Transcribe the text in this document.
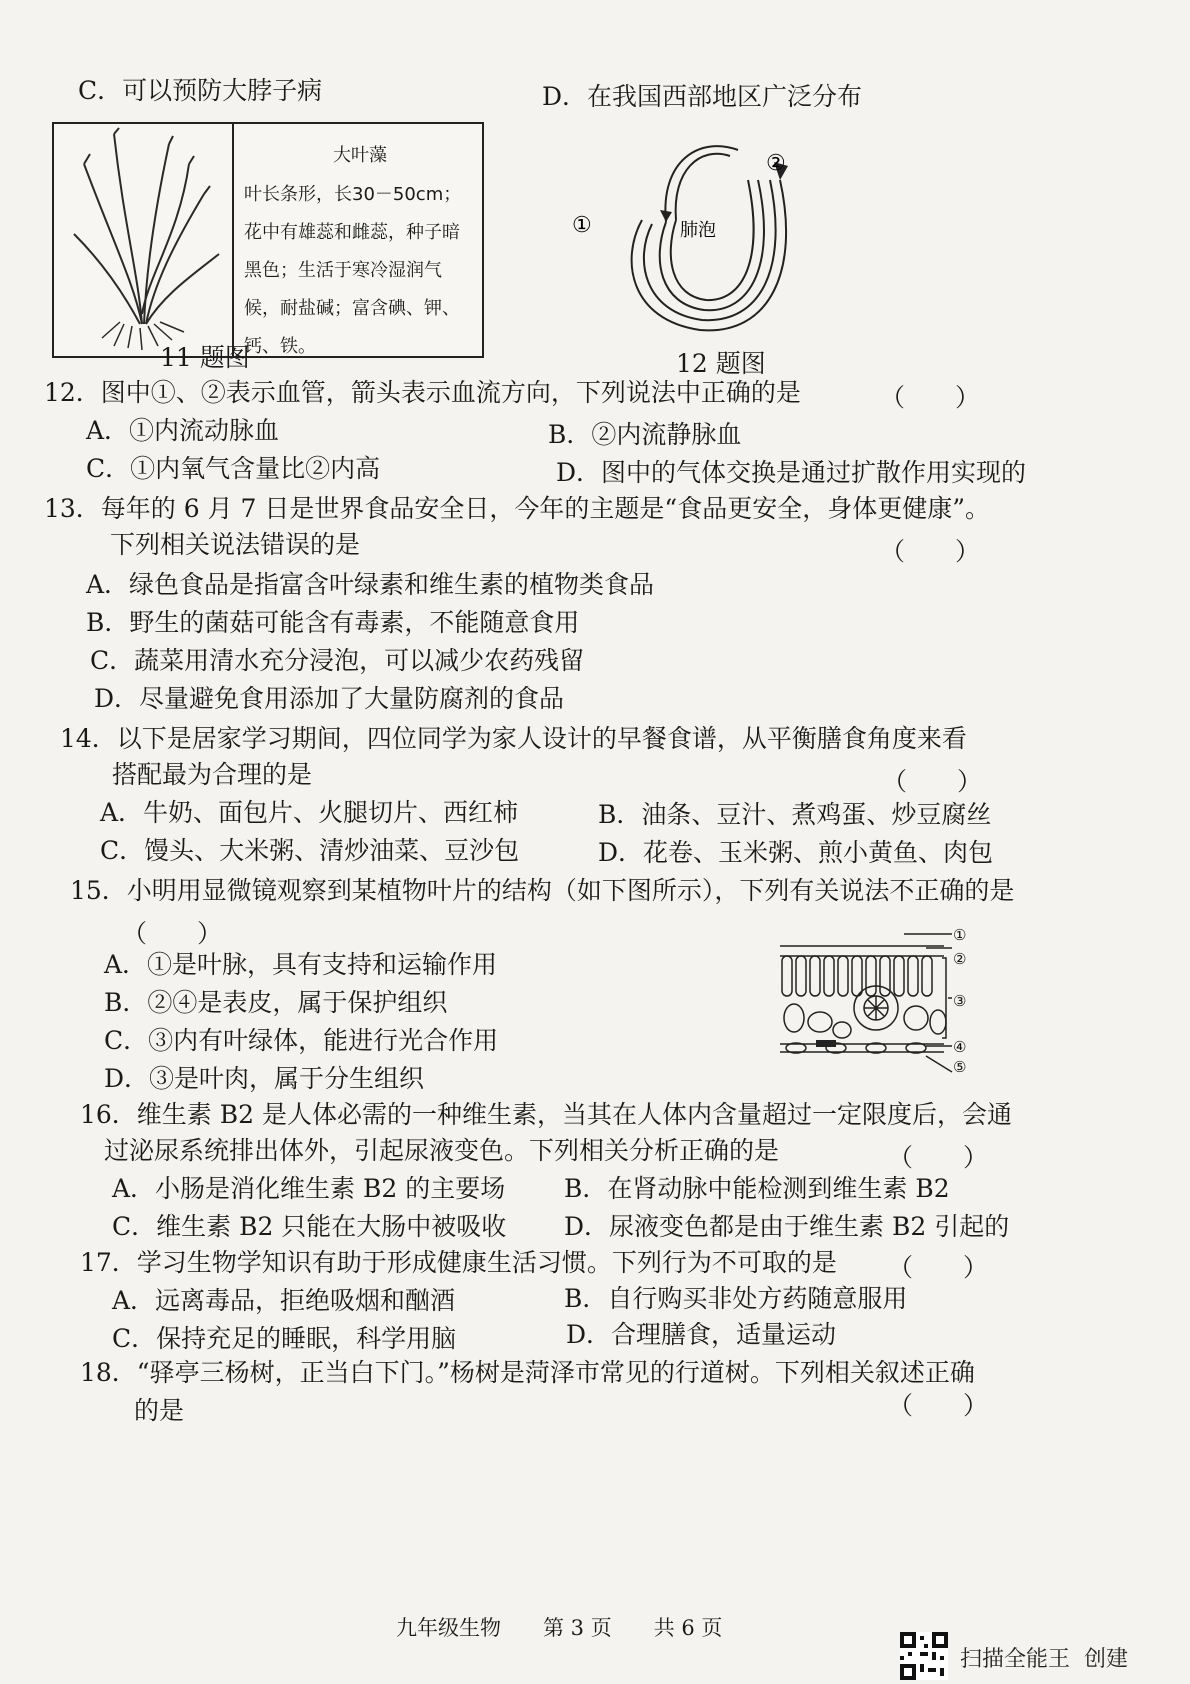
C．可以预防大脖子病	D．在我国西部地区广泛分布
大叶藻
叶长条形，长30－50cm；花中有雄蕊和雌蕊，种子暗黑色；生活于寒冷湿润气候，耐盐碱；富含碘、钾、钙、铁。
11 题图
②
①	肺泡
12 题图
12．图中①、②表示血管，箭头表示血流方向，下列说法中正确的是	（　　）
A．①内流动脉血	B．②内流静脉血
C．①内氧气含量比②内高	D．图中的气体交换是通过扩散作用实现的
13．每年的 6 月 7 日是世界食品安全日，今年的主题是“食品更安全，身体更健康”。
下列相关说法错误的是	（　　）
A．绿色食品是指富含叶绿素和维生素的植物类食品
B．野生的菌菇可能含有毒素，不能随意食用
C．蔬菜用清水充分浸泡，可以减少农药残留
D．尽量避免食用添加了大量防腐剂的食品
14．以下是居家学习期间，四位同学为家人设计的早餐食谱，从平衡膳食角度来看
搭配最为合理的是	（　　）
A．牛奶、面包片、火腿切片、西红柿	B．油条、豆汁、煮鸡蛋、炒豆腐丝
C．馒头、大米粥、清炒油菜、豆沙包	D．花卷、玉米粥、煎小黄鱼、肉包
15．小明用显微镜观察到某植物叶片的结构（如下图所示），下列有关说法不正确的是
（　　）
A．①是叶脉，具有支持和运输作用
B．②④是表皮，属于保护组织
C．③内有叶绿体，能进行光合作用
D．③是叶肉，属于分生组织
①
②
③
④
⑤
16．维生素 B2 是人体必需的一种维生素，当其在人体内含量超过一定限度后，会通
过泌尿系统排出体外，引起尿液变色。下列相关分析正确的是	（　　）
A．小肠是消化维生素 B2 的主要场 B．在肾动脉中能检测到维生素 B2
C．维生素 B2 只能在大肠中被吸收 D．尿液变色都是由于维生素 B2 引起的
17．学习生物学知识有助于形成健康生活习惯。下列行为不可取的是 （　　）
A．远离毒品，拒绝吸烟和酗酒	B．自行购买非处方药随意服用
C．保持充足的睡眠，科学用脑	D．合理膳食，适量运动
18．“驿亭三杨树，正当白下门。”杨树是菏泽市常见的行道树。下列相关叙述正确
的是	（　　）
九年级生物　　第 3 页　　共 6 页
扫描全能王  创建
